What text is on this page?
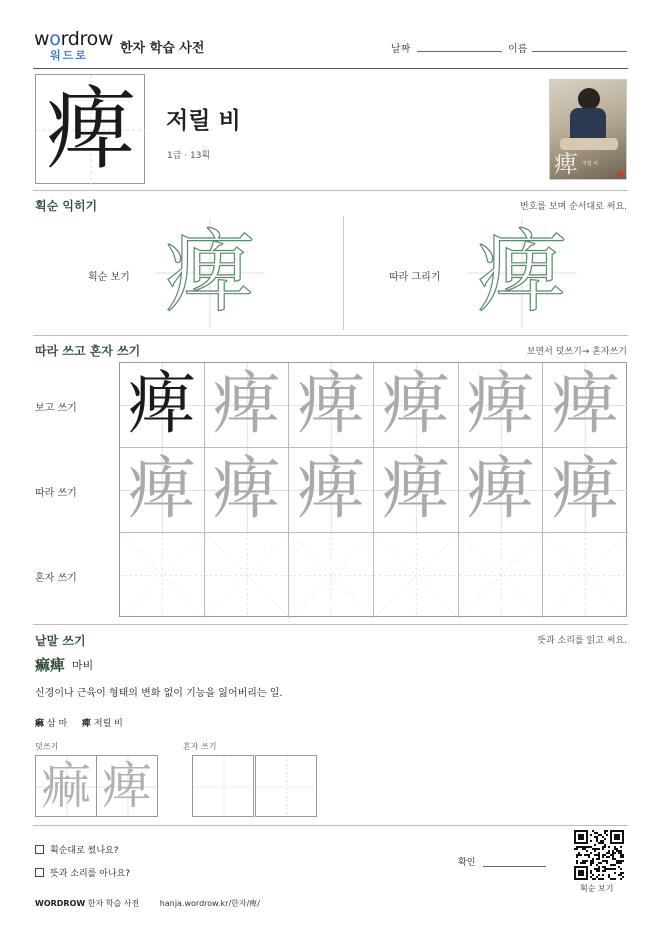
wordrow
워드로 한자 학습 사전	날짜	이름
痺	저릴 비
1급 · 13획	痺 저릴 비
획순 익히기	번호를 보며 순서대로 써요.
획순 보기 痺	따라 그리기 痺
따라 쓰고 혼자 쓰기	보면서 덧쓰기→ 혼자쓰기
보고 쓰기
따라 쓰기
혼자 쓰기
痺 痺 痺 痺 痺 痺
痺 痺 痺 痺 痺 痺
낱말 쓰기	뜻과 소리를 읽고 써요.
痲痺 마비
신경이나 근육이 형태의 변화 없이 기능을 잃어버리는 일.
痲 삼 마 痺 저릴 비
덧쓰기	혼자 쓰기
痲 痺
획순대로 썼나요?
뜻과 소리를 아나요?
확인
획순 보기
WORDROW 한자 학습 사전	hanja.wordrow.kr/한자/痺/
